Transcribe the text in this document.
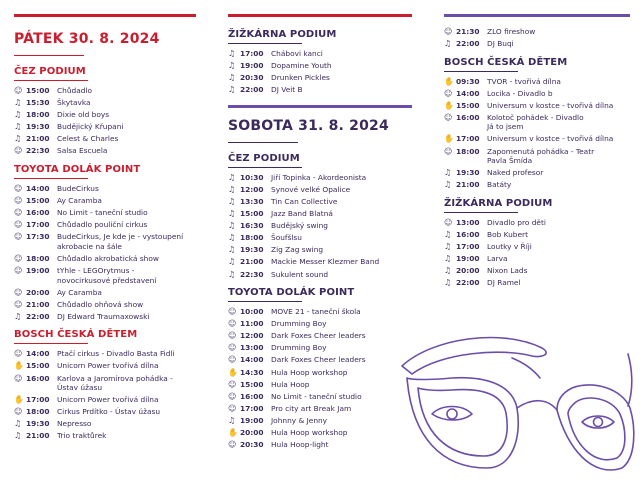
PÁTEK 30. 8. 2024
ČEZ PODIUM
☺ 15:00	Chůdadlo
♫ 15:30	Škytavka
♫ 18:00	Dixie old boys
♫ 19:30	Budějický Křupani
♫ 21:00	Celest & Charles
☺ 22:30	Salsa Escuela
TOYOTA DOLÁK POINT
☺ 14:00	BudeCirkus
☺ 15:00	Ay Caramba
☺ 16:00	No Limit - taneční studio
☺ 17:00	Chůdadlo pouliční cirkus
☺ 17:30	BudeCirkus, Je kde je - vystoupení
akrobacie na šále
☺ 18:00	Chůdadlo akrobatická show
☺ 19:00	tYhle - LEGOrytmus -
novocirkusové představení
☺ 20:00	Ay Caramba
☺ 21:00	Chůdadlo ohňová show
♫ 22:00	DJ Edward Traumaxowski
BOSCH ČESKÁ DĚTEM
☺ 14:00	Ptačí cirkus - Divadlo Basta Fidli
✋ 15:00	Unicorn Power tvořivá dílna
☺ 16:00	Karlova a Jaromírova pohádka -
Ústav úžasu
✋ 17:00	Unicorn Power tvořivá dílna
☺ 18:00	Cirkus Prdítko - Ústav úžasu
♫ 19:30	Nepresso
♫ 21:00	Trio traktůrek
ŽIŽKÁRNA PODIUM
♫ 17:00	Chábovi kanci
♫ 19:00	Dopamine Youth
♫ 20:30	Drunken Pickles
♫ 22:00	DJ Veit B
SOBOTA 31. 8. 2024
ČEZ PODIUM
♫ 10:30	Jiří Topinka - Akordeonista
♫ 12:00	Synové velké Opalice
♫ 13:30	Tin Can Collective
♫ 15:00	Jazz Band Blatná
♫ 16:30	Budějský swing
♫ 18:00	Šoufšlsu
♫ 19:30	Zig Zag swing
♫ 21:00	Mackie Messer Klezmer Band
♫ 22:30	Sukulent sound
TOYOTA DOLÁK POINT
☺ 10:00	MOVE 21 - taneční škola
☺ 11:00	Drumming Boy
☺ 12:00	Dark Foxes Cheer leaders
☺ 13:00	Drumming Boy
☺ 14:00	Dark Foxes Cheer leaders
✋ 14:30	Hula Hoop workshop
☺ 15:00	Hula Hoop
☺ 16:00	No Limit - taneční studio
☺ 17:00	Pro city art Break Jam
♫ 19:00	Johnny & Jenny
✋ 20:00	Hula Hoop workshop
☺ 20:30	Hula Hoop-light
☺ 21:30	ZLO fireshow
♫ 22:00	DJ Buqi
BOSCH ČESKÁ DĚTEM
✋ 09:30	TVOR - tvořivá dílna
☺ 14:00	Locika - Divadlo b
✋ 15:00	Universum v kostce - tvořivá dílna
☺ 16:00	Kolotoč pohádek - Divadlo
Já to jsem
✋ 17:00	Universum v kostce - tvořivá dílna
☺ 18:00	Zapomenutá pohádka - Teatr
Pavla Šmída
♫ 19:30	Naked profesor
♫ 21:00	Batáty
ŽIŽKÁRNA PODIUM
☺ 13:00	Divadlo pro děti
♫ 16:00	Bob Kubert
♫ 17:00	Loutky v Říji
♫ 19:00	Larva
♫ 20:00	Nixon Lads
♫ 22:00	DJ Ramel
